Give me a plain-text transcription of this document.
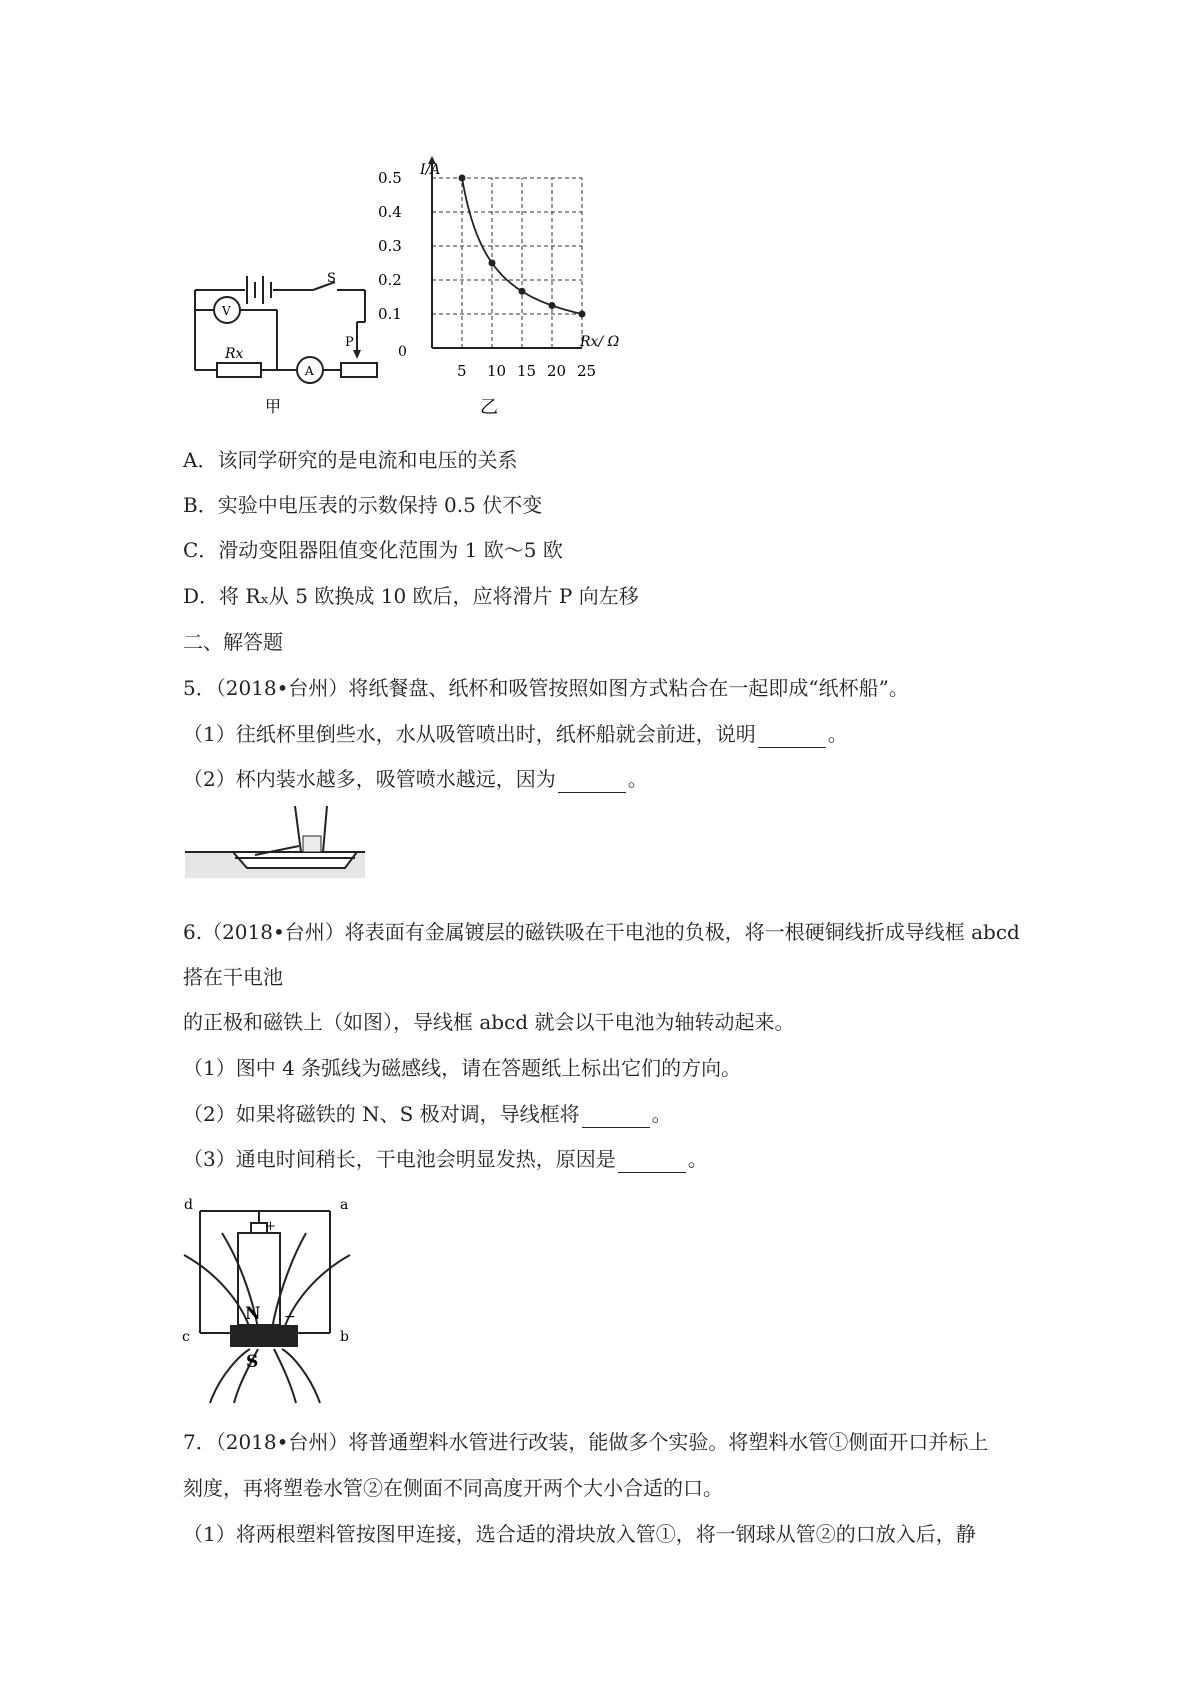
S
V
A
Rx
P
甲
5 10 15 20 25
0.1
0.2
0.3
0.4
0.5 I/A
Rx/ Ω
0
乙
A．该同学研究的是电流和电压的关系
B．实验中电压表的示数保持 0.5 伏不变
C．滑动变阻器阻值变化范围为 1 欧～5 欧
D．将 Rₓ从 5 欧换成 10 欧后，应将滑片 P 向左移
二、解答题
5．（2018•台州）将纸餐盘、纸杯和吸管按照如图方式粘合在一起即成“纸杯船”。
（1）往纸杯里倒些水，水从吸管喷出时，纸杯船就会前进，说明	。
（2）杯内装水越多，吸管喷水越远，因为	。
6.（2018•台州）将表面有金属镀层的磁铁吸在干电池的负极，将一根硬铜线折成导线框 abcd
搭在干电池
的正极和磁铁上（如图），导线框 abcd 就会以干电池为轴转动起来。
（1）图中 4 条弧线为磁感线，请在答题纸上标出它们的方向。
（2）如果将磁铁的 N、S 极对调，导线框将	。
（3）通电时间稍长，干电池会明显发热，原因是	。
d	a
c	b
+
−
N
S
7．（2018•台州）将普通塑料水管进行改装，能做多个实验。将塑料水管①侧面开口并标上
刻度，再将塑卷水管②在侧面不同高度开两个大小合适的口。
（1）将两根塑料管按图甲连接，选合适的滑块放入管①，将一钢球从管②的口放入后，静
